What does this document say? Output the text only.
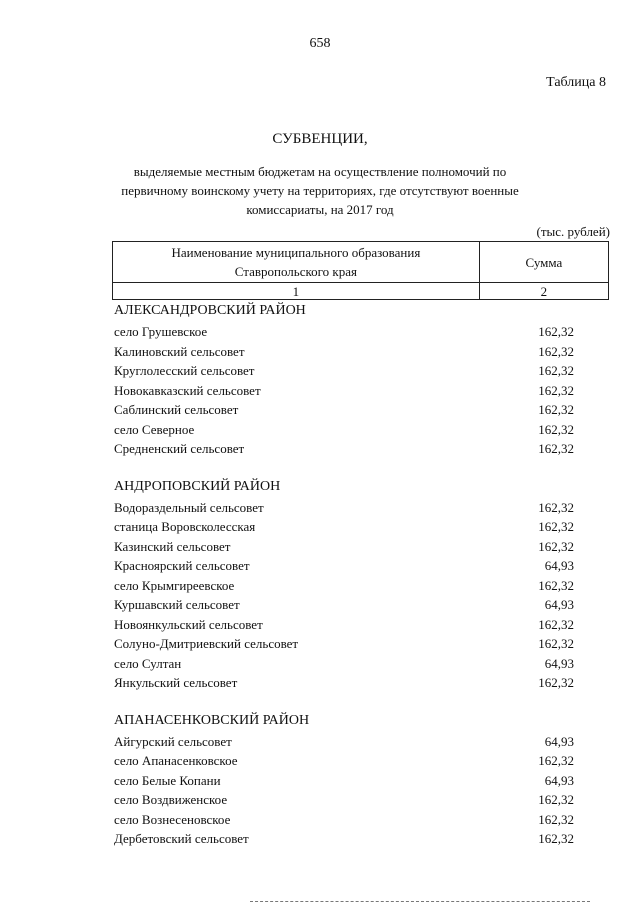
658
Таблица 8
СУБВЕНЦИИ,
выделяемые местным бюджетам на осуществление полномочий по
первичному воинскому учету на территориях, где отсутствуют военные
комиссариаты, на 2017 год
(тыс. рублей)
Наименование муниципального образования
Ставропольского края	Сумма
1	2
АЛЕКСАНДРОВСКИЙ РАЙОН
село Грушевское	162,32
Калиновский сельсовет	162,32
Круглолесский сельсовет	162,32
Новокавказский сельсовет	162,32
Саблинский сельсовет	162,32
село Северное	162,32
Средненский сельсовет	162,32
АНДРОПОВСКИЙ РАЙОН
Водораздельный сельсовет	162,32
станица Воровсколесская	162,32
Казинский сельсовет	162,32
Красноярский сельсовет	64,93
село Крымгиреевское	162,32
Куршавский сельсовет	64,93
Новоянкульский сельсовет	162,32
Солуно-Дмитриевский сельсовет	162,32
село Султан	64,93
Янкульский сельсовет	162,32
АПАНАСЕНКОВСКИЙ РАЙОН
Айгурский сельсовет	64,93
село Апанасенковское	162,32
село Белые Копани	64,93
село Воздвиженское	162,32
село Вознесеновское	162,32
Дербетовский сельсовет	162,32
